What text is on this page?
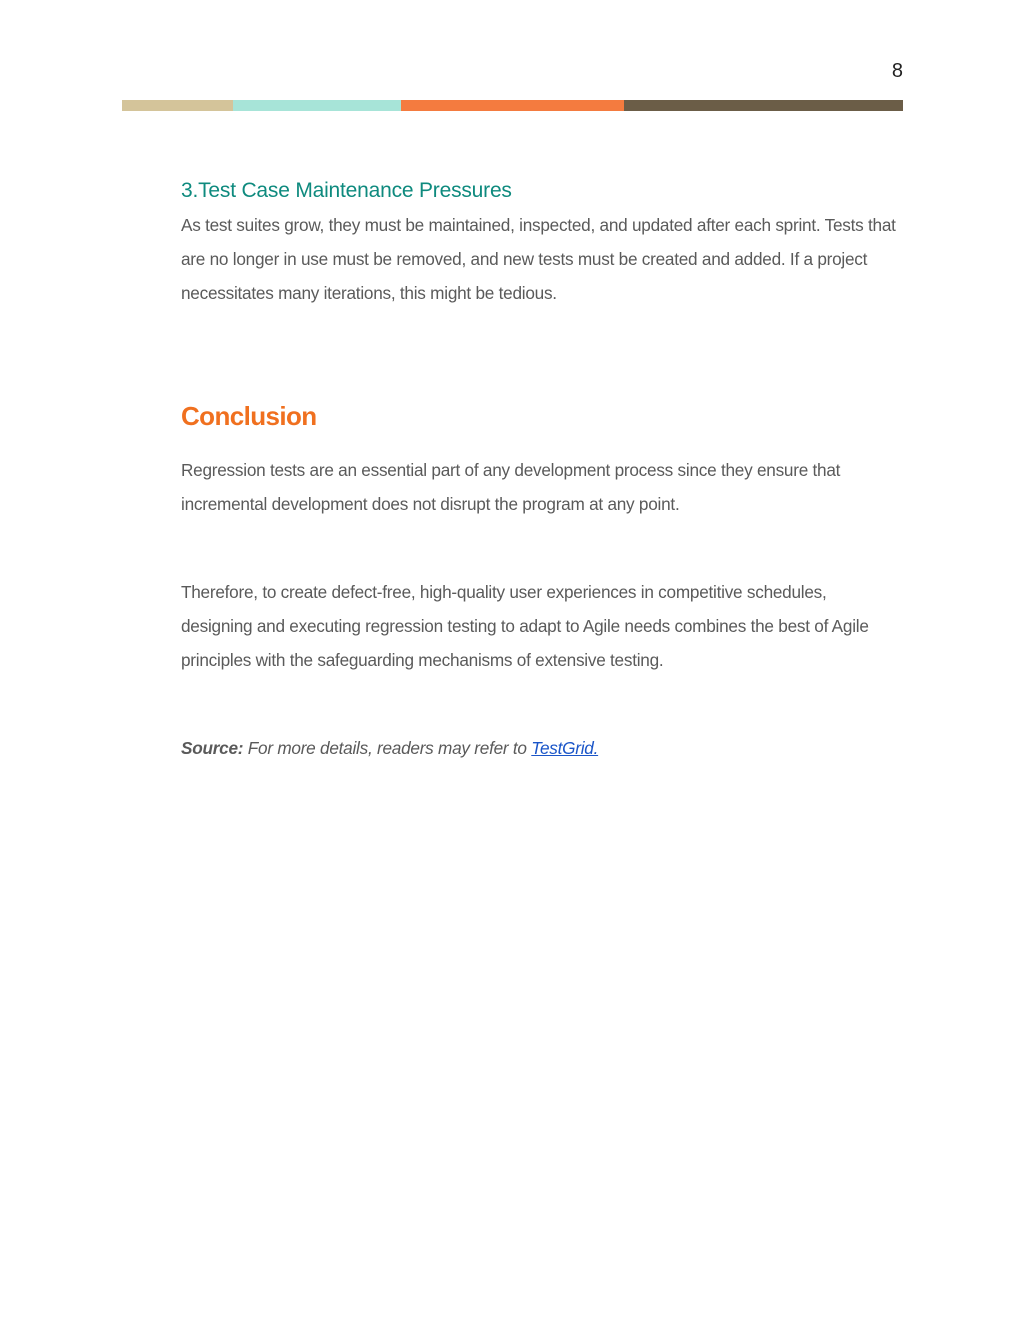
8
3.Test Case Maintenance Pressures

As test suites grow, they must be maintained, inspected, and updated after each sprint. Tests that are no longer in use must be removed, and new tests must be created and added. If a project necessitates many iterations, this might be tedious.

Conclusion

Regression tests are an essential part of any development process since they ensure that incremental development does not disrupt the program at any point.

Therefore, to create defect-free, high-quality user experiences in competitive schedules, designing and executing regression testing to adapt to Agile needs combines the best of Agile principles with the safeguarding mechanisms of extensive testing.

Source: For more details, readers may refer to TestGrid.
